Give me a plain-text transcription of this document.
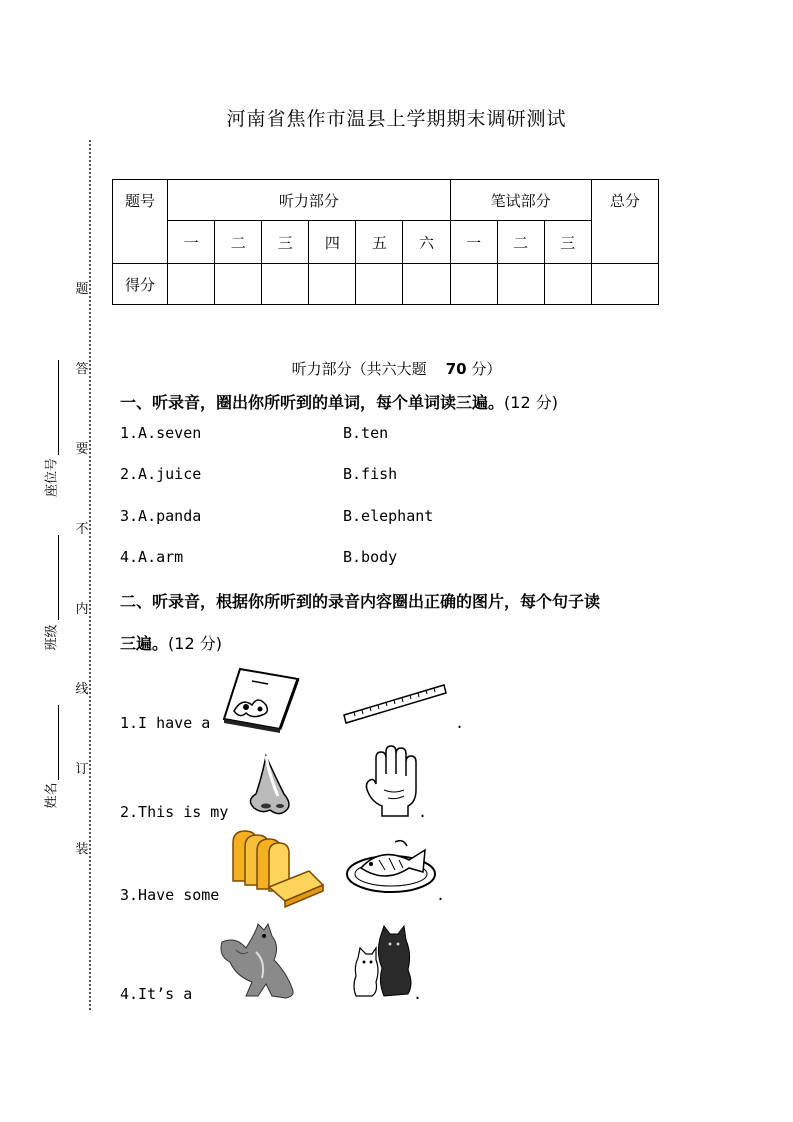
河南省焦作市温县上学期期末调研测试
题
答
要
不
内
线
订
装
座位号
班级
姓名
题号	听力部分						笔试部分			总分
	一	二	三	四	五	六	一	二	三	
得分										
听力部分（共六大题 70 分）
一、听录音，圈出你所听到的单词，每个单词读三遍。(12 分)
1.A.seven	B.ten
2.A.juice	B.fish
3.A.panda	B.elephant
4.A.arm	B.body
二、听录音，根据你所听到的录音内容圈出正确的图片，每个句子读
三遍。(12 分)
1.I have a	.
2.This is my	.
3.Have some	.
4.It’s a	.
